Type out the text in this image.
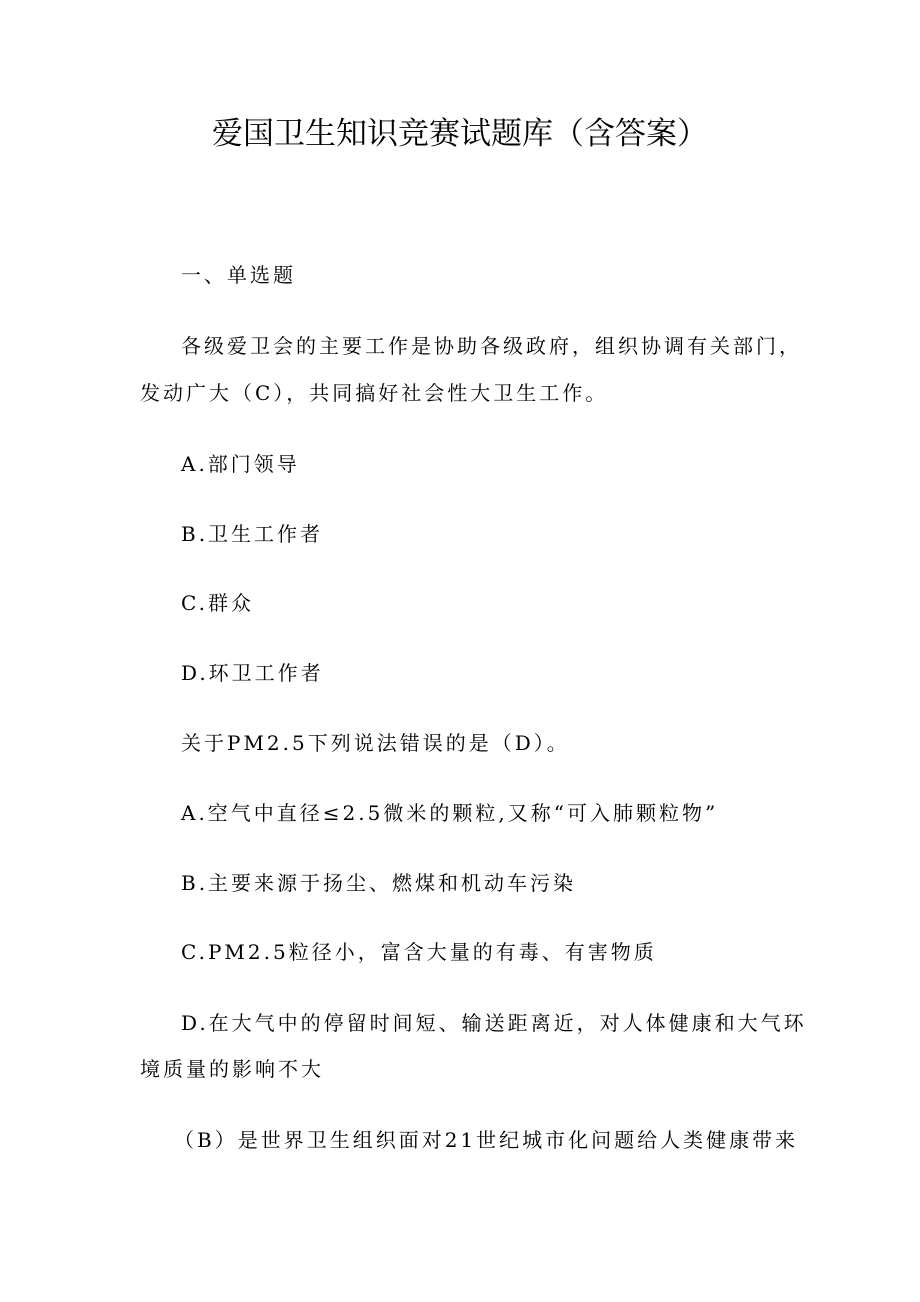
爱国卫生知识竞赛试题库（含答案）

一、单选题

各级爱卫会的主要工作是协助各级政府，组织协调有关部门，

发动广大（C），共同搞好社会性大卫生工作。

A.部门领导

B.卫生工作者

C.群众

D.环卫工作者

关于PM2.5下列说法错误的是（D）。

A.空气中直径≤2.5微米的颗粒,又称“可入肺颗粒物”

B.主要来源于扬尘、燃煤和机动车污染

C.PM2.5粒径小，富含大量的有毒、有害物质

D.在大气中的停留时间短、输送距离近，对人体健康和大气环

境质量的影响不大

（B）是世界卫生组织面对21世纪城市化问题给人类健康带来
